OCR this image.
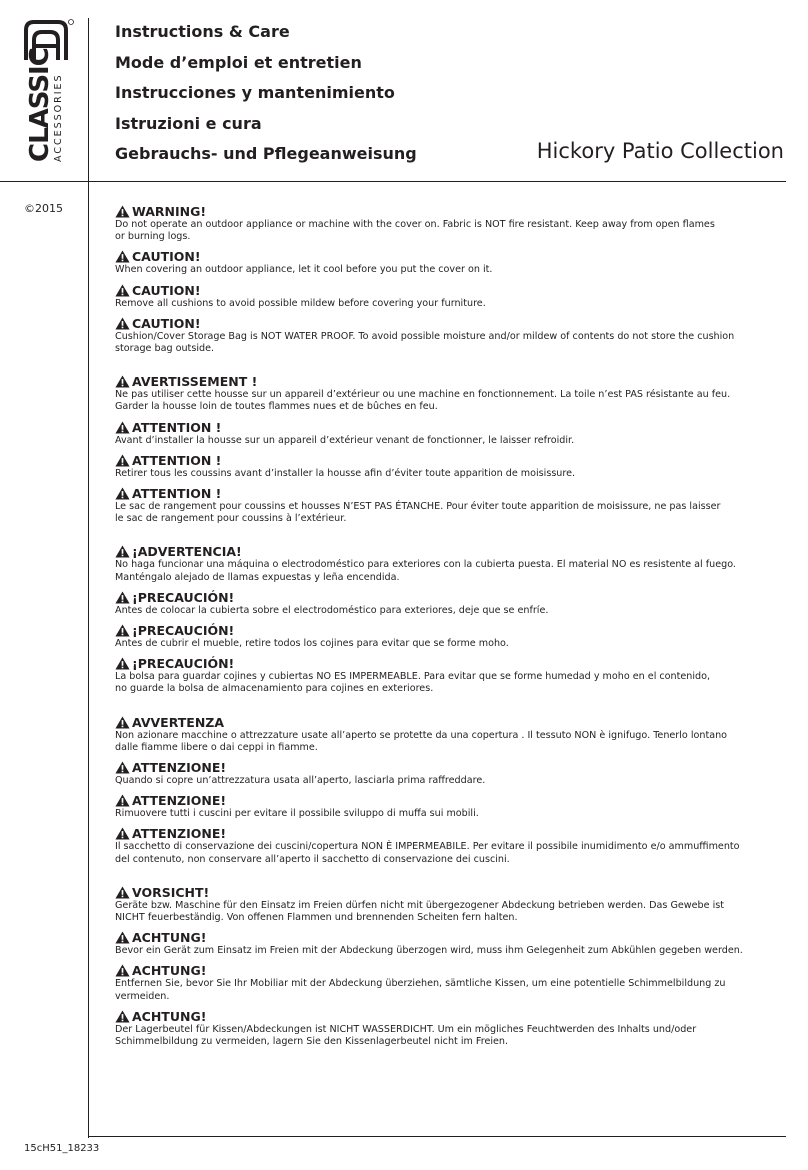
CLASSIC
ACCESSORIES
Instructions & Care
Mode d’emploi et entretien
Instrucciones y mantenimiento
Istruzioni e cura
Gebrauchs- und Pflegeanweisung	Hickory Patio Collection
©2015
15cH51_18233
WARNING!
Do not operate an outdoor appliance or machine with the cover on. Fabric is NOT fire resistant. Keep away from open flames
or burning logs.
CAUTION!
When covering an outdoor appliance, let it cool before you put the cover on it.
CAUTION!
Remove all cushions to avoid possible mildew before covering your furniture.
CAUTION!
Cushion/Cover Storage Bag is NOT WATER PROOF. To avoid possible moisture and/or mildew of contents do not store the cushion
storage bag outside.
AVERTISSEMENT !
Ne pas utiliser cette housse sur un appareil d’extérieur ou une machine en fonctionnement. La toile n’est PAS résistante au feu.
Garder la housse loin de toutes flammes nues et de bûches en feu.
ATTENTION !
Avant d’installer la housse sur un appareil d’extérieur venant de fonctionner, le laisser refroidir.
ATTENTION !
Retirer tous les coussins avant d’installer la housse afin d’éviter toute apparition de moisissure.
ATTENTION !
Le sac de rangement pour coussins et housses N’EST PAS ÉTANCHE. Pour éviter toute apparition de moisissure, ne pas laisser
le sac de rangement pour coussins à l’extérieur.
¡ADVERTENCIA!
No haga funcionar una máquina o electrodoméstico para exteriores con la cubierta puesta. El material NO es resistente al fuego.
Manténgalo alejado de llamas expuestas y leña encendida.
¡PRECAUCIÓN!
Antes de colocar la cubierta sobre el electrodoméstico para exteriores, deje que se enfríe.
¡PRECAUCIÓN!
Antes de cubrir el mueble, retire todos los cojines para evitar que se forme moho.
¡PRECAUCIÓN!
La bolsa para guardar cojines y cubiertas NO ES IMPERMEABLE. Para evitar que se forme humedad y moho en el contenido,
no guarde la bolsa de almacenamiento para cojines en exteriores.
AVVERTENZA
Non azionare macchine o attrezzature usate all’aperto se protette da una copertura . Il tessuto NON è ignifugo. Tenerlo lontano
dalle fiamme libere o dai ceppi in fiamme.
ATTENZIONE!
Quando si copre un’attrezzatura usata all’aperto, lasciarla prima raffreddare.
ATTENZIONE!
Rimuovere tutti i cuscini per evitare il possibile sviluppo di muffa sui mobili.
ATTENZIONE!
Il sacchetto di conservazione dei cuscini/copertura NON È IMPERMEABILE. Per evitare il possibile inumidimento e/o ammuffimento
del contenuto, non conservare all’aperto il sacchetto di conservazione dei cuscini.
VORSICHT!
Geräte bzw. Maschine für den Einsatz im Freien dürfen nicht mit übergezogener Abdeckung betrieben werden. Das Gewebe ist
NICHT feuerbeständig. Von offenen Flammen und brennenden Scheiten fern halten.
ACHTUNG!
Bevor ein Gerät zum Einsatz im Freien mit der Abdeckung überzogen wird, muss ihm Gelegenheit zum Abkühlen gegeben werden.
ACHTUNG!
Entfernen Sie, bevor Sie Ihr Mobiliar mit der Abdeckung überziehen, sämtliche Kissen, um eine potentielle Schimmelbildung zu vermeiden.
ACHTUNG!
Der Lagerbeutel für Kissen/Abdeckungen ist NICHT WASSERDICHT. Um ein mögliches Feuchtwerden des Inhalts und/oder
Schimmelbildung zu vermeiden, lagern Sie den Kissenlagerbeutel nicht im Freien.
